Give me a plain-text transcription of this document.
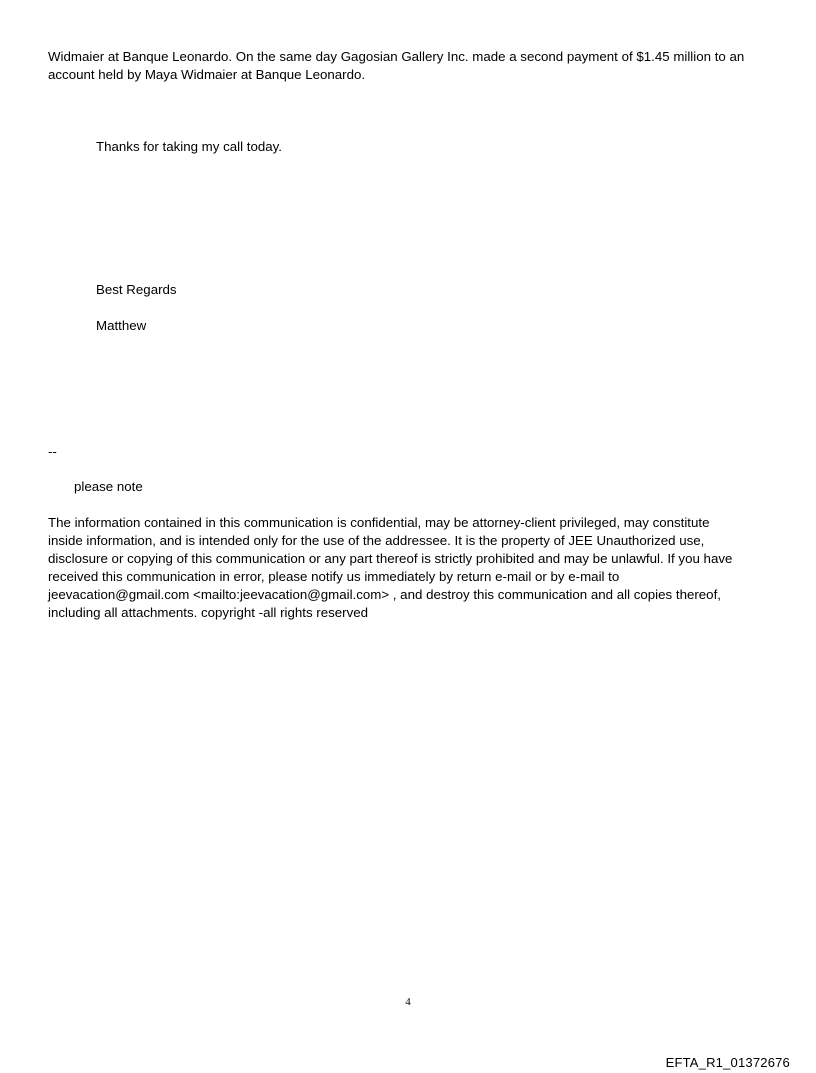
Widmaier at Banque Leonardo. On the same day Gagosian Gallery Inc. made a second payment of $1.45 million to an
account held by Maya Widmaier at Banque Leonardo.

Thanks for taking my call today.

Best Regards

Matthew

--

please note

The information contained in this communication is confidential, may be attorney-client privileged, may constitute
inside information, and is intended only for the use of the addressee. It is the property of JEE Unauthorized use,
disclosure or copying of this communication or any part thereof is strictly prohibited and may be unlawful. If you have
received this communication in error, please notify us immediately by return e-mail or by e-mail to
jeevacation@gmail.com <mailto:jeevacation@gmail.com> , and destroy this communication and all copies thereof,
including all attachments. copyright -all rights reserved

4
EFTA_R1_01372676
